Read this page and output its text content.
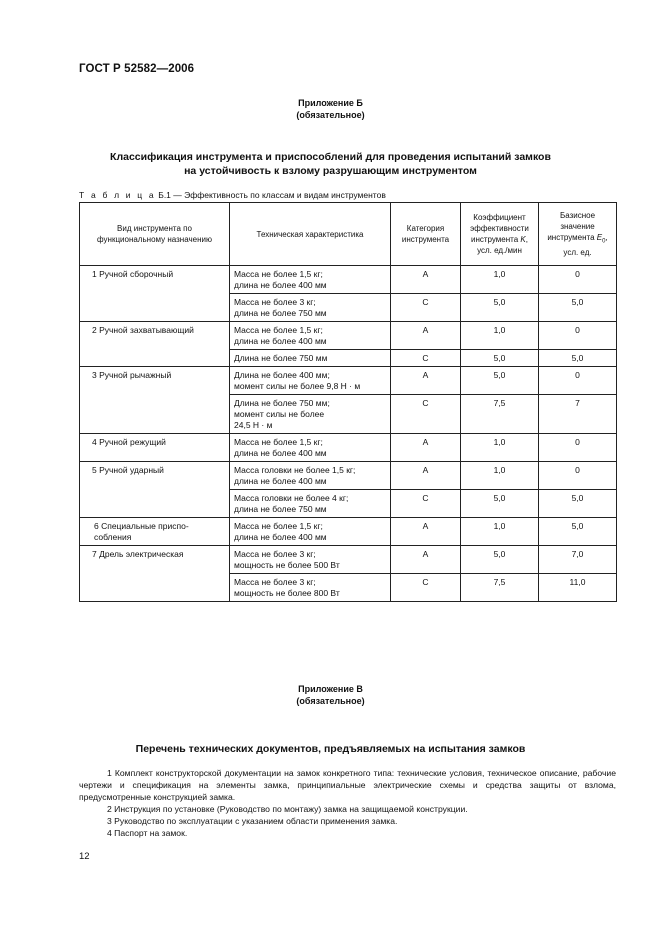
ГОСТ Р 52582—2006
Приложение Б
(обязательное)
Классификация инструмента и приспособлений для проведения испытаний замков
на устойчивость к взлому разрушающим инструментом
Т а б л и ц а Б.1 — Эффективность по классам и видам инструментов
Вид инструмента по функциональному назначению	Техническая характеристика	Категория инструмента	Коэффициент эффективности инструмента K, усл. ед./мин	Базисное значение инструмента $E_0$, усл. ед.
1 Ручной сборочный	Масса не более 1,5 кг;
длина не более 400 мм	А	1,0	0
	Масса не более 3 кг;
длина не более 750 мм	С	5,0	5,0
2 Ручной захватывающий	Масса не более 1,5 кг;
длина не более 400 мм	А	1,0	0
	Длина не более 750 мм	С	5,0	5,0
3 Ручной рычажный	Длина не более 400 мм;
момент силы не более 9,8 Н · м	А	5,0	0
	Длина не более 750 мм;
момент силы не более
24,5 Н · м	С	7,5	7
4 Ручной режущий	Масса не более 1,5 кг;
длина не более 400 мм	А	1,0	0
5 Ручной ударный	Масса головки не более 1,5 кг;
длина не более 400 мм	А	1,0	0
	Масса головки не более 4 кг;
длина не более 750 мм	С	5,0	5,0
6 Специальные приспо-
собления	Масса не более 1,5 кг;
длина не более 400 мм	А	1,0	5,0
7 Дрель электрическая	Масса не более 3 кг;
мощность не более 500 Вт	А	5,0	7,0
	Масса не более 3 кг;
мощность не более 800 Вт	С	7,5	11,0
Приложение В
(обязательное)
Перечень технических документов, предъявляемых на испытания замков

1 Комплект конструкторской документации на замок конкретного типа: технические условия, техническое описание, рабочие чертежи и спецификация на элементы замка, принципиальные электрические схемы и средства защиты от взлома, предусмотренные конструкцией замка.

2 Инструкция по установке (Руководство по монтажу) замка на защищаемой конструкции.

3 Руководство по эксплуатации с указанием области применения замка.

4 Паспорт на замок.

12
